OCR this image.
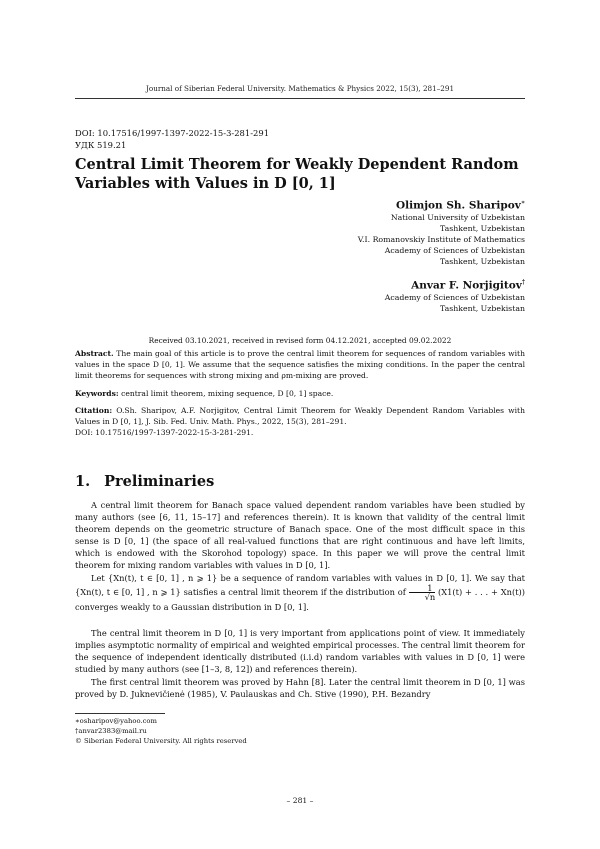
Journal of Siberian Federal University. Mathematics & Physics 2022, 15(3), 281–291
DOI: 10.17516/1997-1397-2022-15-3-281-291
УДК 519.21
Central Limit Theorem for Weakly Dependent Random
Variables with Values in D [0, 1]
Olimjon Sh. Sharipov∗
National University of Uzbekistan
Tashkent, Uzbekistan
V.I. Romanovskiy Institute of Mathematics
Academy of Sciences of Uzbekistan
Tashkent, Uzbekistan
Anvar F. Norjigitov†
Academy of Sciences of Uzbekistan
Tashkent, Uzbekistan
Received 03.10.2021, received in revised form 04.12.2021, accepted 09.02.2022
Abstract. The main goal of this article is to prove the central limit theorem for sequences of random variables with values in the space D [0, 1]. We assume that the sequence satisfies the mixing conditions. In the paper the central limit theorems for sequences with strong mixing and ρm-mixing are proved.
Keywords: central limit theorem, mixing sequence, D [0, 1] space.
Citation: O.Sh. Sharipov, A.F. Norjigitov, Central Limit Theorem for Weakly Dependent Random Variables with Values in D [0, 1], J. Sib. Fed. Univ. Math. Phys., 2022, 15(3), 281–291.
DOI: 10.17516/1997-1397-2022-15-3-281-291.
1. Preliminaries
A central limit theorem for Banach space valued dependent random variables have been studied by many authors (see [6, 11, 15–17] and references therein). It is known that validity of the central limit theorem depends on the geometric structure of Banach space. One of the most difficult space in this sense is D [0, 1] (the space of all real-valued functions that are right continuous and have left limits, which is endowed with the Skorohod topology) space. In this paper we will prove the central limit theorem for mixing random variables with values in D [0, 1].
Let {Xn(t), t ∈ [0, 1] , n ⩾ 1} be a sequence of random variables with values in D [0, 1]. We say that {Xn(t), t ∈ [0, 1] , n ⩾ 1} satisfies a central limit theorem if the distribution of $\frac{1}{√n} (X1(t)$ + . . . + Xn(t)) converges weakly to a Gaussian distribution in D [0, 1].
The central limit theorem in D [0, 1] is very important from applications point of view. It immediately implies asymptotic normality of empirical and weighted empirical processes. The central limit theorem for the sequence of independent identically distributed (i.i.d) random variables with values in D [0, 1] were studied by many authors (see [1–3, 8, 12]) and references therein).
The first central limit theorem was proved by Hahn [8]. Later the central limit theorem in D [0, 1] was proved by D. Juknevičienė (1985), V. Paulauskas and Ch. Stive (1990), P.H. Bezandry
∗osharipov@yahoo.com
†anvar2383@mail.ru
© Siberian Federal University. All rights reserved
– 281 –
